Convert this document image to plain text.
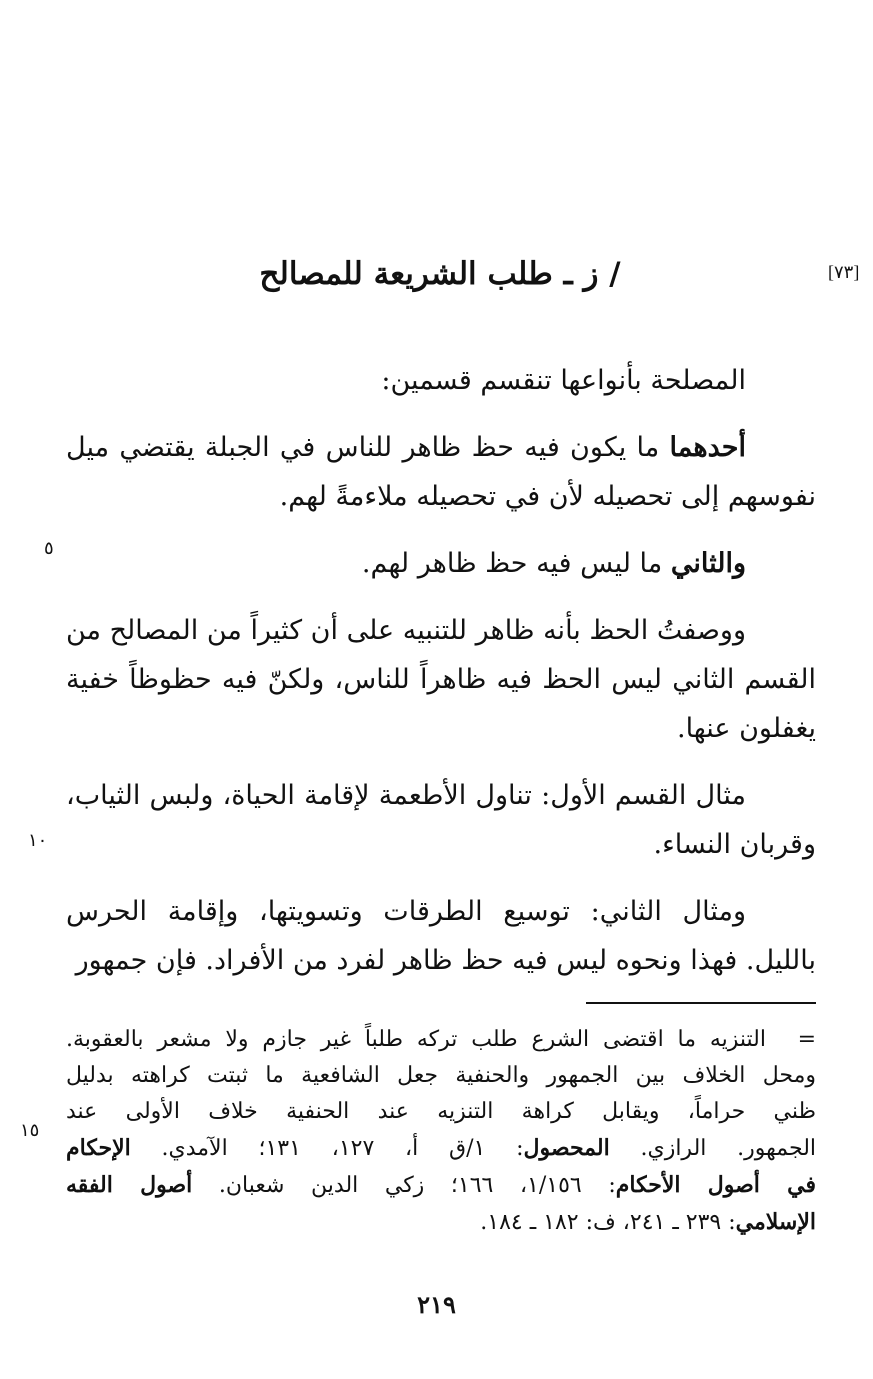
[٧٣]
/ ز ـ طلب الشريعة للمصالح
٥
١٠
١٥

المصلحة بأنواعها تنقسم قسمين:

أحدهما ما يكون فيه حظ ظاهر للناس في الجبلة يقتضي ميل نفوسهم إلى تحصيله لأن في تحصيله ملاءمةً لهم.

والثاني ما ليس فيه حظ ظاهر لهم.

ووصفتُ الحظ بأنه ظاهر للتنبيه على أن كثيراً من المصالح من القسم الثاني ليس الحظ فيه ظاهراً للناس، ولكنّ فيه حظوظاً خفية يغفلون عنها.

مثال القسم الأول: تناول الأطعمة لإقامة الحياة، ولبس الثياب، وقربان النساء.

ومثال الثاني: توسيع الطرقات وتسويتها، وإقامة الحرس بالليل. فهذا ونحوه ليس فيه حظ ظاهر لفرد من الأفراد. فإن جمهور

=التنزيه ما اقتضى الشرع طلب تركه طلباً غير جازم ولا مشعر بالعقوبة.
ومحل الخلاف بين الجمهور والحنفية جعل الشافعية ما ثبتت كراهته بدليل
ظني حراماً، ويقابل كراهة التنزيه عند الحنفية خلاف الأولى عند
الجمهور. الرازي. المحصول: ١/ق أ، ١٢٧، ١٣١؛ الآمدي. الإحكام
في أصول الأحكام: ١/١٥٦، ١٦٦؛ زكي الدين شعبان. أصول الفقه
الإسلامي: ٢٣٩ ـ ٢٤١، ف: ١٨٢ ـ ١٨٤.
٢١٩
